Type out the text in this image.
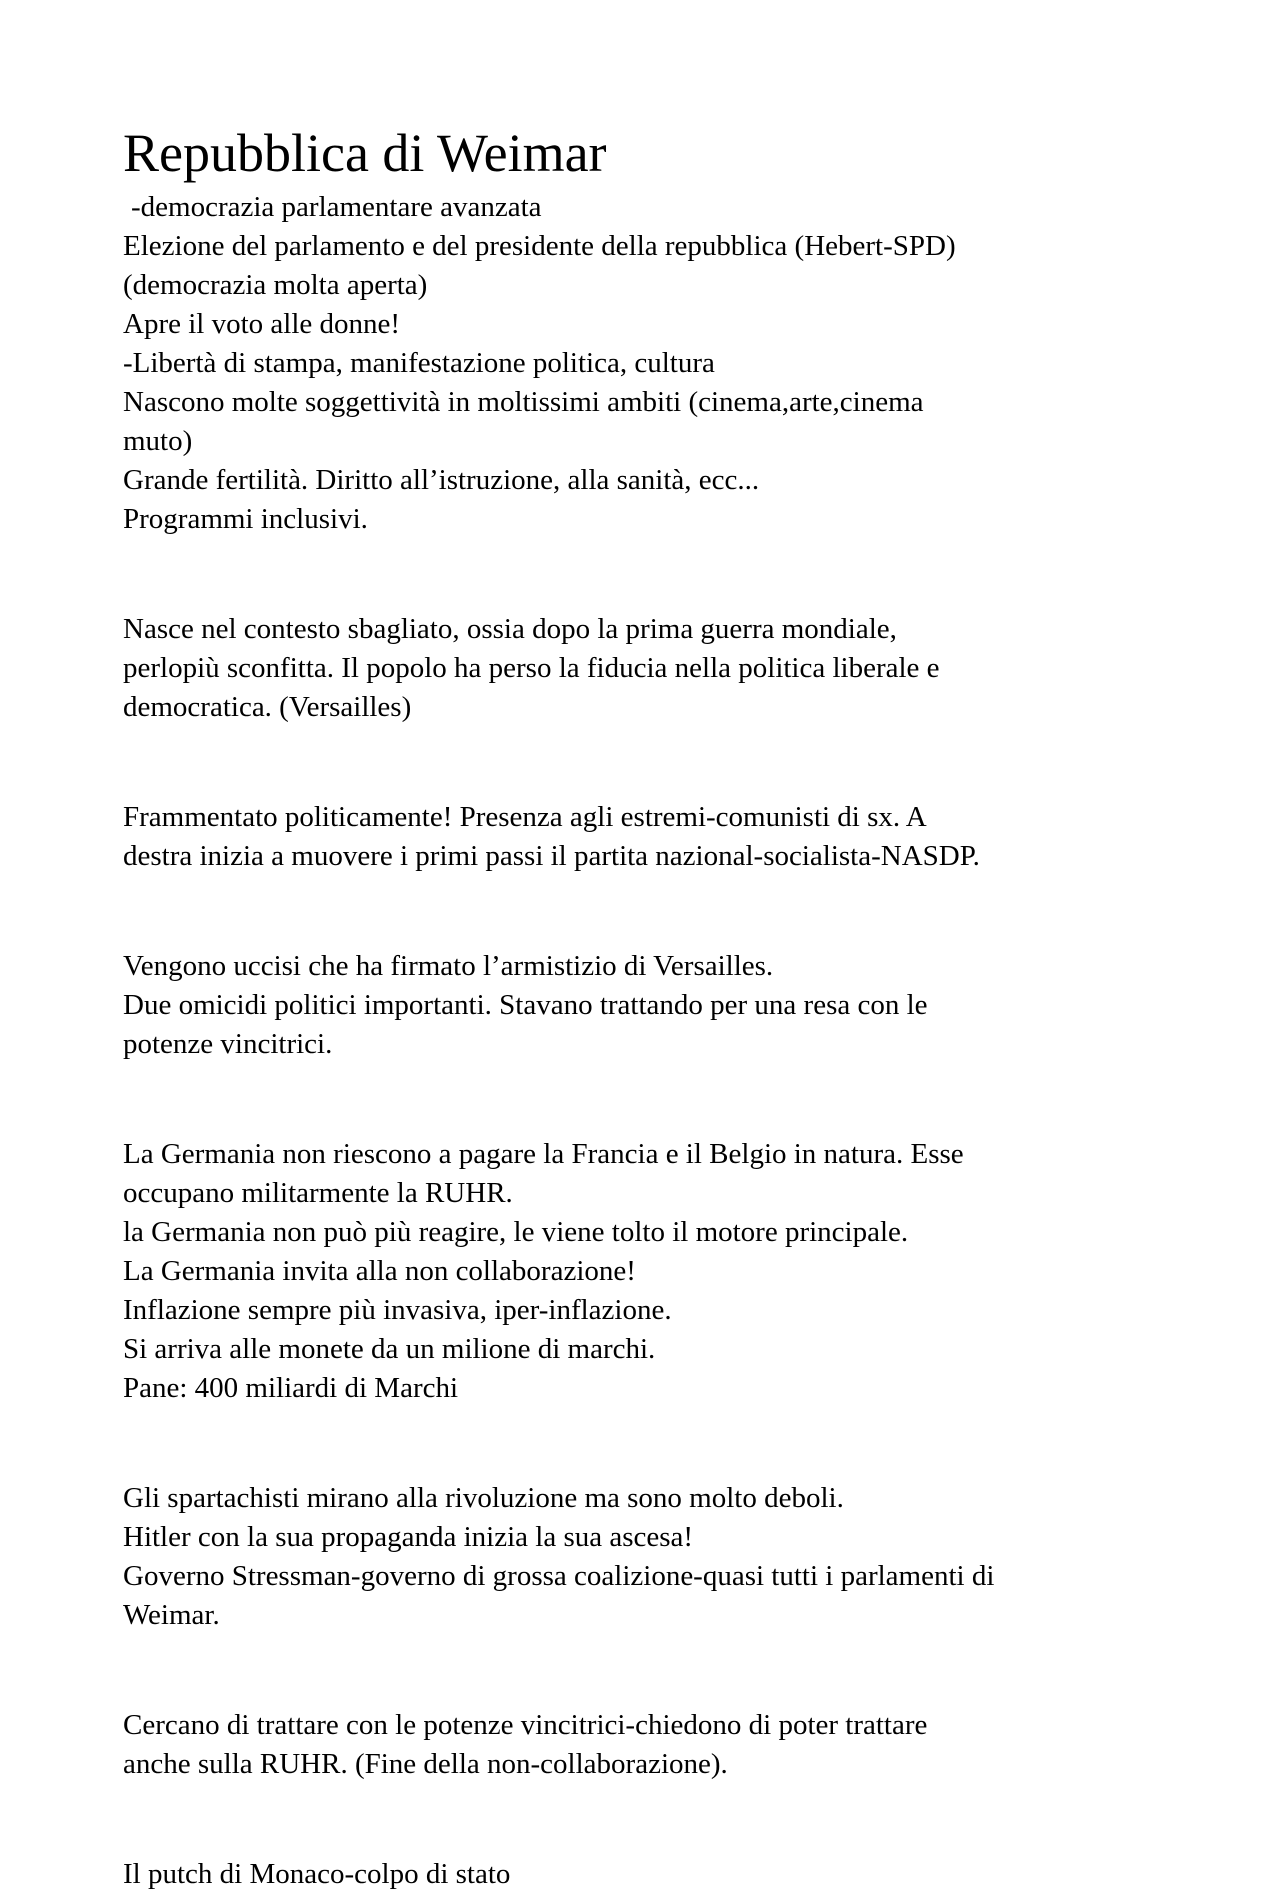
Repubblica di Weimar

-democrazia parlamentare avanzata

Elezione del parlamento e del presidente della repubblica (Hebert-SPD)

(democrazia molta aperta)

Apre il voto alle donne!

-Libertà di stampa, manifestazione politica, cultura

Nascono molte soggettività in moltissimi ambiti (cinema,arte,cinema

muto)

Grande fertilità. Diritto all’istruzione, alla sanità, ecc...

Programmi inclusivi.

Nasce nel contesto sbagliato, ossia dopo la prima guerra mondiale,

perlopiù sconfitta. Il popolo ha perso la fiducia nella politica liberale e

democratica. (Versailles)

Frammentato politicamente! Presenza agli estremi-comunisti di sx. A

destra inizia a muovere i primi passi il partita nazional-socialista-NASDP.

Vengono uccisi che ha firmato l’armistizio di Versailles.

Due omicidi politici importanti. Stavano trattando per una resa con le

potenze vincitrici.

La Germania non riescono a pagare la Francia e il Belgio in natura. Esse

occupano militarmente la RUHR.

la Germania non può più reagire, le viene tolto il motore principale.

La Germania invita alla non collaborazione!

Inflazione sempre più invasiva, iper-inflazione.

Si arriva alle monete da un milione di marchi.

Pane: 400 miliardi di Marchi

Gli spartachisti mirano alla rivoluzione ma sono molto deboli.

Hitler con la sua propaganda inizia la sua ascesa!

Governo Stressman-governo di grossa coalizione-quasi tutti i parlamenti di

Weimar.

Cercano di trattare con le potenze vincitrici-chiedono di poter trattare

anche sulla RUHR. (Fine della non-collaborazione).

Il putch di Monaco-colpo di stato
